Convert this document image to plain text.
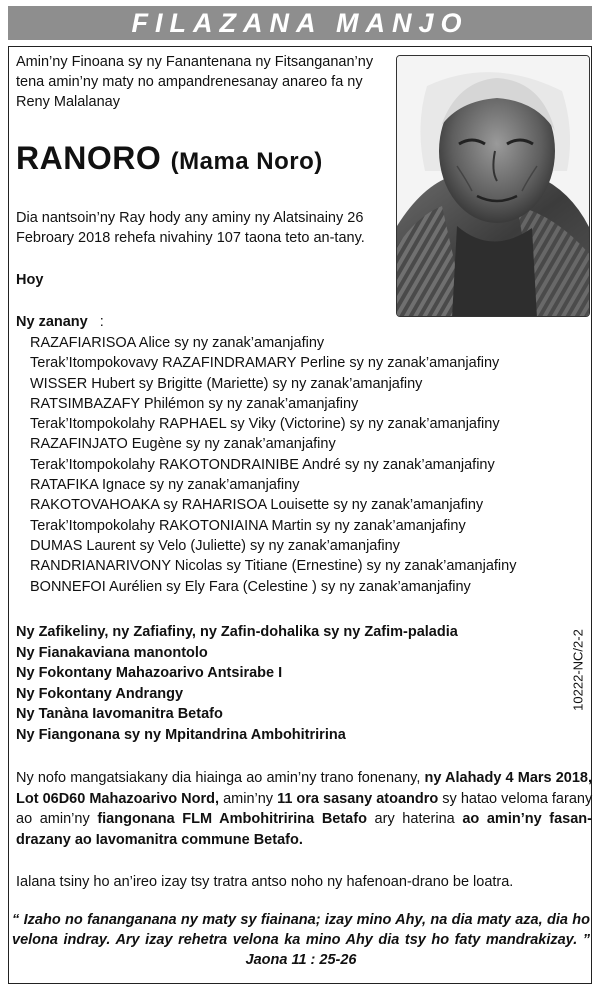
FILAZANA MANJO
Amin’ny Finoana sy ny Fanantenana ny Fitsanganan’ny tena amin’ny maty no ampandrenesanay anareo fa ny Reny Malalanay
RANORO (Mama Noro)
Dia nantsoin’ny Ray hody any aminy ny Alatsinainy 26 Febroary 2018 rehefa nivahiny 107 taona teto an-tany.
Hoy
Ny zanany :
RAZAFIARISOA Alice sy ny zanak’amanjafiny
Terak’Itompokovavy RAZAFINDRAMARY Perline sy ny zanak’amanjafiny
WISSER Hubert sy Brigitte (Mariette) sy ny zanak’amanjafiny
RATSIMBAZAFY Philémon sy ny zanak’amanjafiny
Terak’Itompokolahy RAPHAEL sy Viky (Victorine) sy ny zanak’amanjafiny
RAZAFINJATO Eugène sy ny zanak’amanjafiny
Terak’Itompokolahy RAKOTONDRAINIBE André sy ny zanak’amanjafiny
RATAFIKA Ignace sy ny zanak’amanjafiny
RAKOTOVAHOAKA sy RAHARISOA Louisette sy ny zanak’amanjafiny
Terak’Itompokolahy RAKOTONIAINA Martin sy ny zanak’amanjafiny
DUMAS Laurent sy Velo (Juliette) sy ny zanak’amanjafiny
RANDRIANARIVONY Nicolas sy Titiane (Ernestine) sy ny zanak’amanjafiny
BONNEFOI Aurélien sy Ely Fara (Celestine ) sy ny zanak’amanjafiny
Ny Zafikeliny, ny Zafiafiny, ny Zafin-dohalika sy ny Zafim-paladia
Ny Fianakaviana manontolo
Ny Fokontany Mahazoarivo Antsirabe I
Ny Fokontany Andrangy
Ny Tanàna Iavomanitra Betafo
Ny Fiangonana sy ny Mpitandrina Ambohitririna
10222-NC/2-2
Ny nofo mangatsiakany dia hiainga ao amin’ny trano fonenany, ny Alahady 4 Mars 2018,
Lot 06D60 Mahazoarivo Nord, amin’ny 11 ora sasany atoandro sy hatao veloma farany
ao amin’ny fiangonana FLM Ambohitririna Betafo ary haterina ao amin’ny fasan-
drazany ao Iavomanitra commune Betafo.
Ialana tsiny ho an’ireo izay tsy tratra antso noho ny hafenoan-drano be loatra.
“ Izaho no fananganana ny maty sy fiainana; izay mino Ahy, na dia maty aza, dia ho
velona indray. Ary izay rehetra velona ka mino Ahy dia tsy ho faty mandrakizay. ”
Jaona 11 : 25-26
